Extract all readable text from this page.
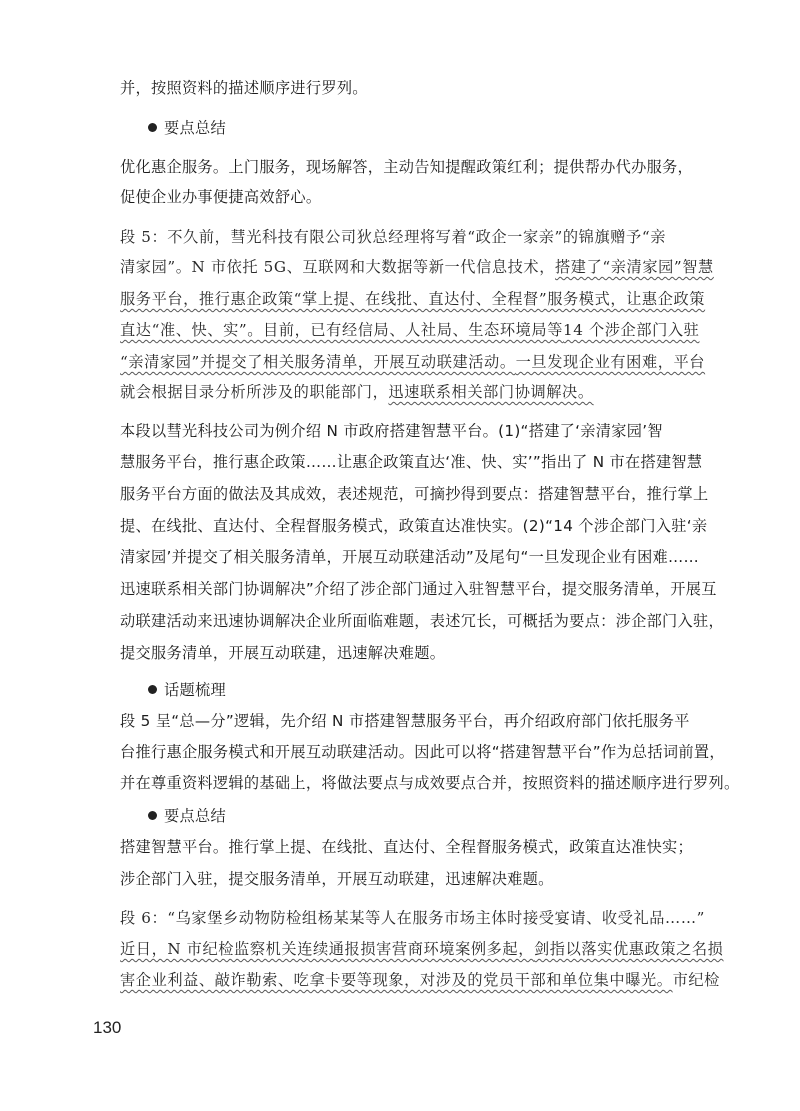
并，按照资料的描述顺序进行罗列。
要点总结
优化惠企服务。上门服务，现场解答，主动告知提醒政策红利；提供帮办代办服务，
促使企业办事便捷高效舒心。
段 5：不久前，彗光科技有限公司狄总经理将写着“政企一家亲”的锦旗赠予“亲
清家园”。N 市依托 5G、互联网和大数据等新一代信息技术，搭建了“亲清家园”智慧
服务平台，推行惠企政策“掌上提、在线批、直达付、全程督”服务模式，让惠企政策
直达“准、快、实”。目前，已有经信局、人社局、生态环境局等14 个涉企部门入驻
“亲清家园”并提交了相关服务清单，开展互动联建活动。一旦发现企业有困难，平台
就会根据目录分析所涉及的职能部门，迅速联系相关部门协调解决。
本段以彗光科技公司为例介绍 N 市政府搭建智慧平台。(1)“搭建了‘亲清家园’智
慧服务平台，推行惠企政策……让惠企政策直达‘准、快、实’”指出了 N 市在搭建智慧
服务平台方面的做法及其成效，表述规范，可摘抄得到要点：搭建智慧平台，推行掌上
提、在线批、直达付、全程督服务模式，政策直达准快实。(2)“14 个涉企部门入驻‘亲
清家园’并提交了相关服务清单，开展互动联建活动”及尾句“一旦发现企业有困难……
迅速联系相关部门协调解决”介绍了涉企部门通过入驻智慧平台，提交服务清单，开展互
动联建活动来迅速协调解决企业所面临难题，表述冗长，可概括为要点：涉企部门入驻，
提交服务清单，开展互动联建，迅速解决难题。
话题梳理
段 5 呈“总—分”逻辑，先介绍 N 市搭建智慧服务平台，再介绍政府部门依托服务平
台推行惠企服务模式和开展互动联建活动。因此可以将“搭建智慧平台”作为总括词前置，
并在尊重资料逻辑的基础上，将做法要点与成效要点合并，按照资料的描述顺序进行罗列。
要点总结
搭建智慧平台。推行掌上提、在线批、直达付、全程督服务模式，政策直达准快实；
涉企部门入驻，提交服务清单，开展互动联建，迅速解决难题。
段 6：“乌家堡乡动物防检组杨某某等人在服务市场主体时接受宴请、收受礼品……”
近日，N 市纪检监察机关连续通报损害营商环境案例多起，剑指以落实优惠政策之名损
害企业利益、敲诈勒索、吃拿卡要等现象，对涉及的党员干部和单位集中曝光。市纪检
130
